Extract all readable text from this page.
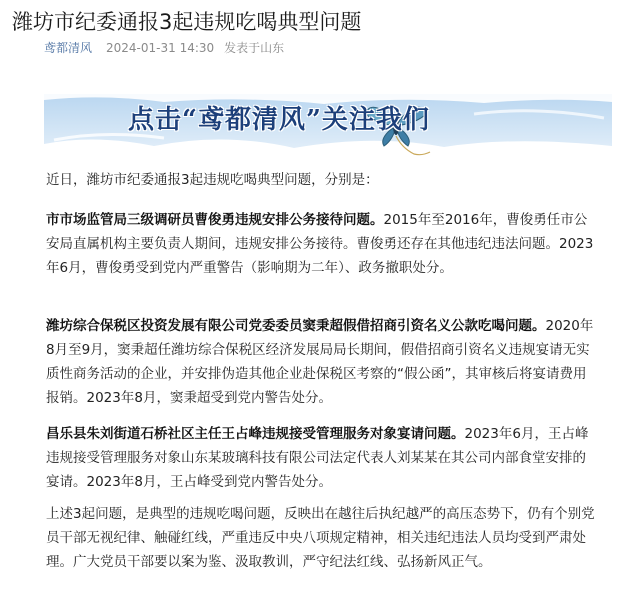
潍坊市纪委通报3起违规吃喝典型问题
鸢都清风 2024-01-31 14:30 发表于山东
点击“鸢都清风”关注我们

近日，潍坊市纪委通报3起违规吃喝典型问题，分别是：

市市场监管局三级调研员曹俊勇违规安排公务接待问题。2015年至2016年，曹俊勇任市公安局直属机构主要负责人期间，违规安排公务接待。曹俊勇还存在其他违纪违法问题。2023年6月，曹俊勇受到党内严重警告（影响期为二年）、政务撤职处分。

潍坊综合保税区投资发展有限公司党委委员窦秉超假借招商引资名义公款吃喝问题。2020年8月至9月，窦秉超任潍坊综合保税区经济发展局局长期间，假借招商引资名义违规宴请无实质性商务活动的企业，并安排伪造其他企业赴保税区考察的“假公函”，其审核后将宴请费用报销。2023年8月，窦秉超受到党内警告处分。

昌乐县朱刘街道石桥社区主任王占峰违规接受管理服务对象宴请问题。2023年6月，王占峰违规接受管理服务对象山东某玻璃科技有限公司法定代表人刘某某在其公司内部食堂安排的宴请。2023年8月，王占峰受到党内警告处分。

上述3起问题，是典型的违规吃喝问题，反映出在越往后执纪越严的高压态势下，仍有个别党员干部无视纪律、触碰红线，严重违反中央八项规定精神，相关违纪违法人员均受到严肃处理。广大党员干部要以案为鉴、汲取教训，严守纪法红线、弘扬新风正气。
